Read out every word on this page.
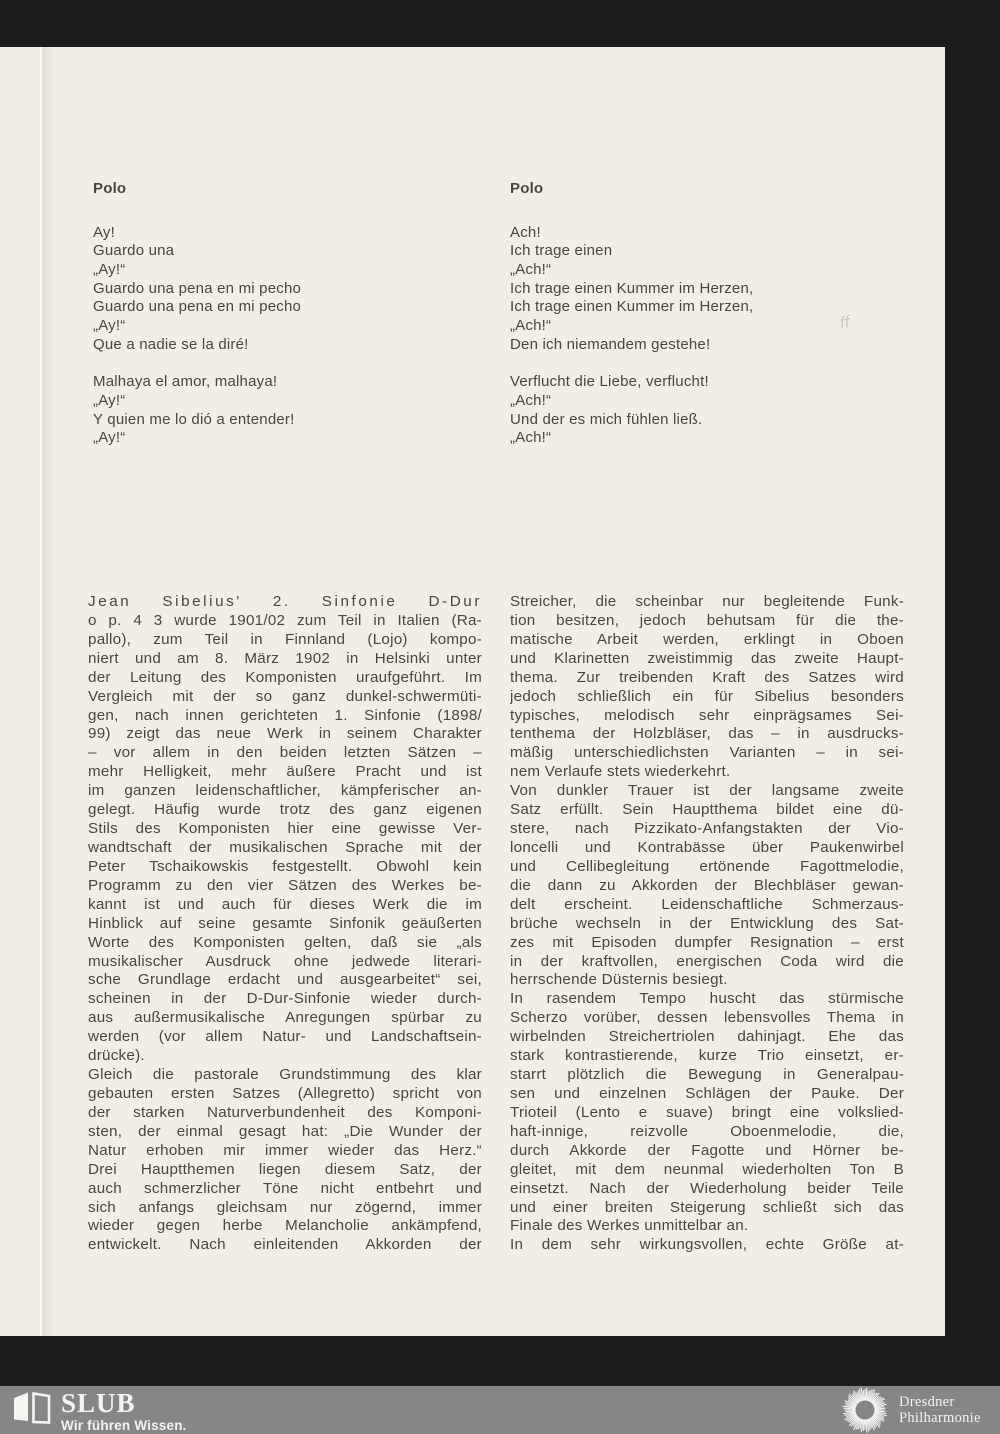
Polo
Ay!
Guardo una
„Ay!“
Guardo una pena en mi pecho
Guardo una pena en mi pecho
„Ay!“
Que a nadie se la diré!

Malhaya el amor, malhaya!
„Ay!“
Y quien me lo dió a entender!
„Ay!“
Polo
Ach!
Ich trage einen
„Ach!“
Ich trage einen Kummer im Herzen,
Ich trage einen Kummer im Herzen,
„Ach!“
Den ich niemandem gestehe!

Verflucht die Liebe, verflucht!
„Ach!“
Und der es mich fühlen ließ.
„Ach!“
Jean Sibelius' 2. Sinfonie D-Dur
o p. 4 3 wurde 1901/02 zum Teil in Italien (Ra-
pallo), zum Teil in Finnland (Lojo) kompo-
niert und am 8. März 1902 in Helsinki unter
der Leitung des Komponisten uraufgeführt. Im
Vergleich mit der so ganz dunkel-schwermüti-
gen, nach innen gerichteten 1. Sinfonie (1898/
99) zeigt das neue Werk in seinem Charakter
– vor allem in den beiden letzten Sätzen –
mehr Helligkeit, mehr äußere Pracht und ist
im ganzen leidenschaftlicher, kämpferischer an-
gelegt. Häufig wurde trotz des ganz eigenen
Stils des Komponisten hier eine gewisse Ver-
wandtschaft der musikalischen Sprache mit der
Peter Tschaikowskis festgestellt. Obwohl kein
Programm zu den vier Sätzen des Werkes be-
kannt ist und auch für dieses Werk die im
Hinblick auf seine gesamte Sinfonik geäußerten
Worte des Komponisten gelten, daß sie „als
musikalischer Ausdruck ohne jedwede literari-
sche Grundlage erdacht und ausgearbeitet“ sei,
scheinen in der D-Dur-Sinfonie wieder durch-
aus außermusikalische Anregungen spürbar zu
werden (vor allem Natur- und Landschaftsein-
drücke).
Gleich die pastorale Grundstimmung des klar
gebauten ersten Satzes (Allegretto) spricht von
der starken Naturverbundenheit des Komponi-
sten, der einmal gesagt hat: „Die Wunder der
Natur erhoben mir immer wieder das Herz.“
Drei Hauptthemen liegen diesem Satz, der
auch schmerzlicher Töne nicht entbehrt und
sich anfangs gleichsam nur zögernd, immer
wieder gegen herbe Melancholie ankämpfend,
entwickelt. Nach einleitenden Akkorden der
Streicher, die scheinbar nur begleitende Funk-
tion besitzen, jedoch behutsam für die the-
matische Arbeit werden, erklingt in Oboen
und Klarinetten zweistimmig das zweite Haupt-
thema. Zur treibenden Kraft des Satzes wird
jedoch schließlich ein für Sibelius besonders
typisches, melodisch sehr einprägsames Sei-
tenthema der Holzbläser, das – in ausdrucks-
mäßig unterschiedlichsten Varianten – in sei-
nem Verlaufe stets wiederkehrt.
Von dunkler Trauer ist der langsame zweite
Satz erfüllt. Sein Hauptthema bildet eine dü-
stere, nach Pizzikato-Anfangstakten der Vio-
loncelli und Kontrabässe über Paukenwirbel
und Cellibegleitung ertönende Fagottmelodie,
die dann zu Akkorden der Blechbläser gewan-
delt erscheint. Leidenschaftliche Schmerzaus-
brüche wechseln in der Entwicklung des Sat-
zes mit Episoden dumpfer Resignation – erst
in der kraftvollen, energischen Coda wird die
herrschende Düsternis besiegt.
In rasendem Tempo huscht das stürmische
Scherzo vorüber, dessen lebensvolles Thema in
wirbelnden Streichertriolen dahinjagt. Ehe das
stark kontrastierende, kurze Trio einsetzt, er-
starrt plötzlich die Bewegung in Generalpau-
sen und einzelnen Schlägen der Pauke. Der
Trioteil (Lento e suave) bringt eine volkslied-
haft-innige, reizvolle Oboenmelodie, die,
durch Akkorde der Fagotte und Hörner be-
gleitet, mit dem neunmal wiederholten Ton B
einsetzt. Nach der Wiederholung beider Teile
und einer breiten Steigerung schließt sich das
Finale des Werkes unmittelbar an.
In dem sehr wirkungsvollen, echte Größe at-
ff
SLUB
Wir führen Wissen.
Dresdner
Philharmonie
